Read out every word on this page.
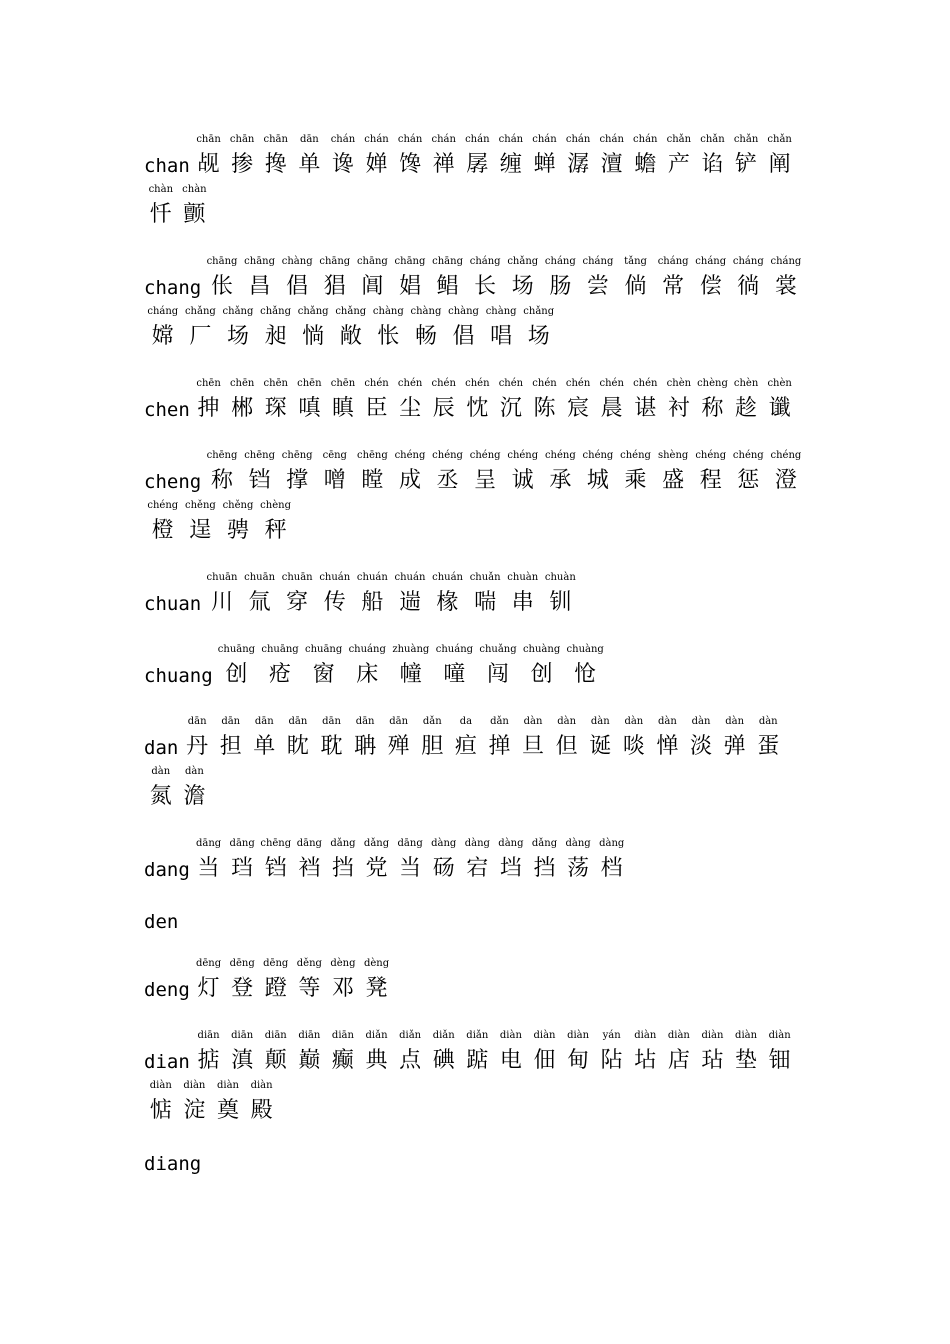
chan
chān
觇
chān
掺
chān
搀
dān
单
chán
谗
chán
婵
chán
馋
chán
禅
chán
孱
chán
缠
chán
蝉
chán
潺
chán
澶
chán
蟾
chǎn
产
chǎn
谄
chǎn
铲
chǎn
阐
chàn
忏
chàn
颤
chang
chāng
伥
chāng
昌
chàng
倡
chāng
猖
chāng
阊
chāng
娼
chāng
鲳
cháng
长
chǎng
场
cháng
肠
cháng
尝
tǎng
倘
cháng
常
cháng
偿
cháng
徜
cháng
裳
cháng
嫦
chǎng
厂
chǎng
场
chǎng
昶
chǎng
惝
chǎng
敞
chàng
怅
chàng
畅
chàng
倡
chàng
唱
chǎng
场
chen
chēn
抻
chēn
郴
chēn
琛
chēn
嗔
chēn
瞋
chén
臣
chén
尘
chén
辰
chén
忱
chén
沉
chén
陈
chén
宸
chén
晨
chén
谌
chèn
衬
chèng
称
chèn
趁
chèn
谶
cheng
chēng
称
chēng
铛
chēng
撑
cēng
噌
chēng
瞠
chéng
成
chéng
丞
chéng
呈
chéng
诚
chéng
承
chéng
城
chéng
乘
shèng
盛
chéng
程
chéng
惩
chéng
澄
chéng
橙
chěng
逞
chěng
骋
chèng
秤
chuan
chuān
川
chuān
氚
chuān
穿
chuán
传
chuán
船
chuán
遄
chuán
椽
chuǎn
喘
chuàn
串
chuàn
钏
chuang
chuāng
创
chuāng
疮
chuāng
窗
chuáng
床
zhuàng
幢
chuáng
噇
chuǎng
闯
chuàng
创
chuàng
怆
dan
dān
丹
dān
担
dān
单
dān
眈
dān
耽
dān
聃
dān
殚
dǎn
胆
da
疸
dǎn
掸
dàn
旦
dàn
但
dàn
诞
dàn
啖
dàn
惮
dàn
淡
dàn
弹
dàn
蛋
dàn
氮
dàn
澹
dang
dāng
当
dāng
珰
chēng
铛
dāng
裆
dǎng
挡
dǎng
党
dāng
当
dàng
砀
dàng
宕
dàng
垱
dǎng
挡
dàng
荡
dàng
档
den
deng
dēng
灯
dēng
登
dēng
蹬
děng
等
dèng
邓
dèng
凳
dian
diān
掂
diān
滇
diān
颠
diān
巅
diān
癫
diǎn
典
diǎn
点
diǎn
碘
diǎn
踮
diàn
电
diàn
佃
diàn
甸
yán
阽
diàn
坫
diàn
店
diàn
玷
diàn
垫
diàn
钿
diàn
惦
diàn
淀
diàn
奠
diàn
殿
diang
